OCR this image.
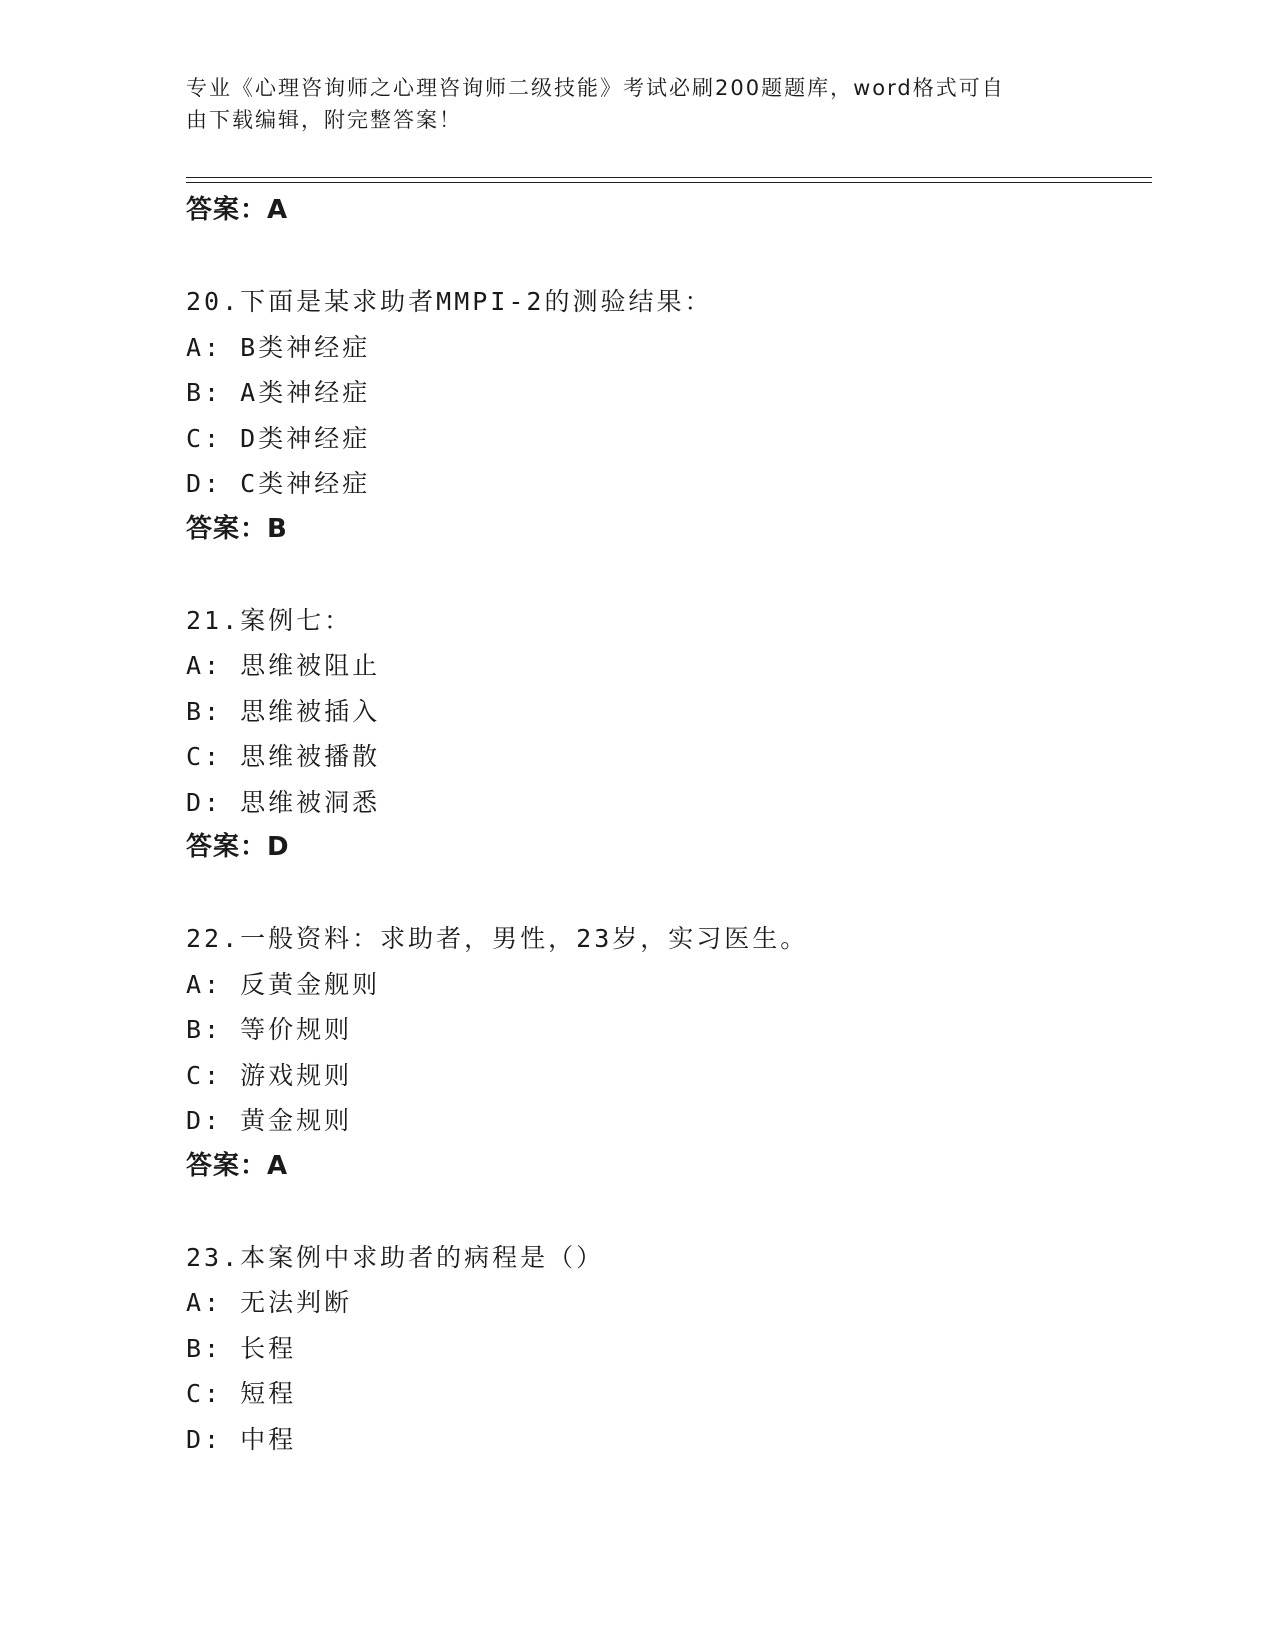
专业《心理咨询师之心理咨询师二级技能》考试必刷200题题库，word格式可自
由下载编辑，附完整答案！

答案：A
20.下面是某求助者MMPI-2的测验结果：
A: B类神经症
B: A类神经症
C: D类神经症
D: C类神经症
答案：B
21.案例七：
A: 思维被阻止
B: 思维被插入
C: 思维被播散
D: 思维被洞悉
答案：D
22.一般资料：求助者，男性，23岁，实习医生。
A: 反黄金舰则
B: 等价规则
C: 游戏规则
D: 黄金规则
答案：A
23.本案例中求助者的病程是（）
A: 无法判断
B: 长程
C: 短程
D: 中程
